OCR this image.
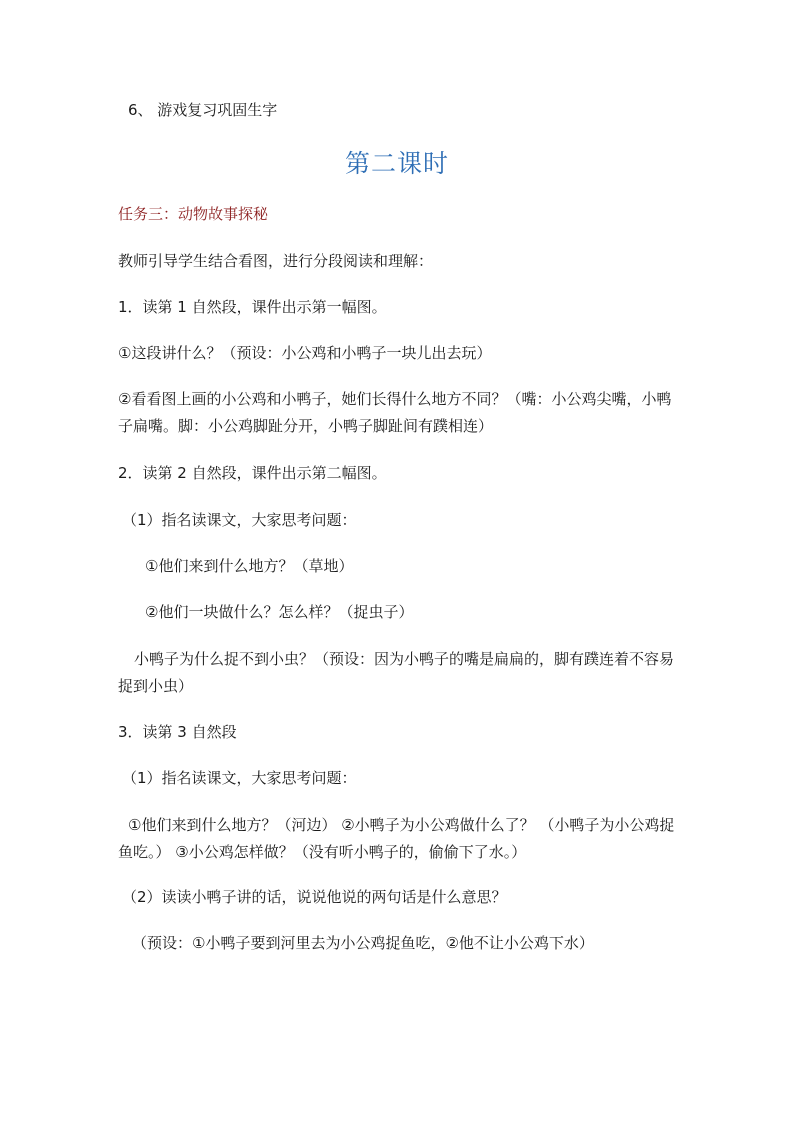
6、 游戏复习巩固生字
第二课时
任务三：动物故事探秘
教师引导学生结合看图，进行分段阅读和理解：
1．读第 1 自然段，课件出示第一幅图。
①这段讲什么？（预设：小公鸡和小鸭子一块儿出去玩）
②看看图上画的小公鸡和小鸭子，她们长得什么地方不同？（嘴：小公鸡尖嘴，小鸭子扁嘴。脚：小公鸡脚趾分开，小鸭子脚趾间有蹼相连）
2．读第 2 自然段，课件出示第二幅图。
（1）指名读课文，大家思考问题：
①他们来到什么地方？（草地）
②他们一块做什么？怎么样？（捉虫子）
小鸭子为什么捉不到小虫？（预设：因为小鸭子的嘴是扁扁的，脚有蹼连着不容易捉到小虫）
3．读第 3 自然段
（1）指名读课文，大家思考问题：
①他们来到什么地方？（河边） ②小鸭子为小公鸡做什么了？ （小鸭子为小公鸡捉鱼吃。） ③小公鸡怎样做？（没有听小鸭子的，偷偷下了水。）
（2）读读小鸭子讲的话，说说他说的两句话是什么意思？
（预设：①小鸭子要到河里去为小公鸡捉鱼吃，②他不让小公鸡下水）
